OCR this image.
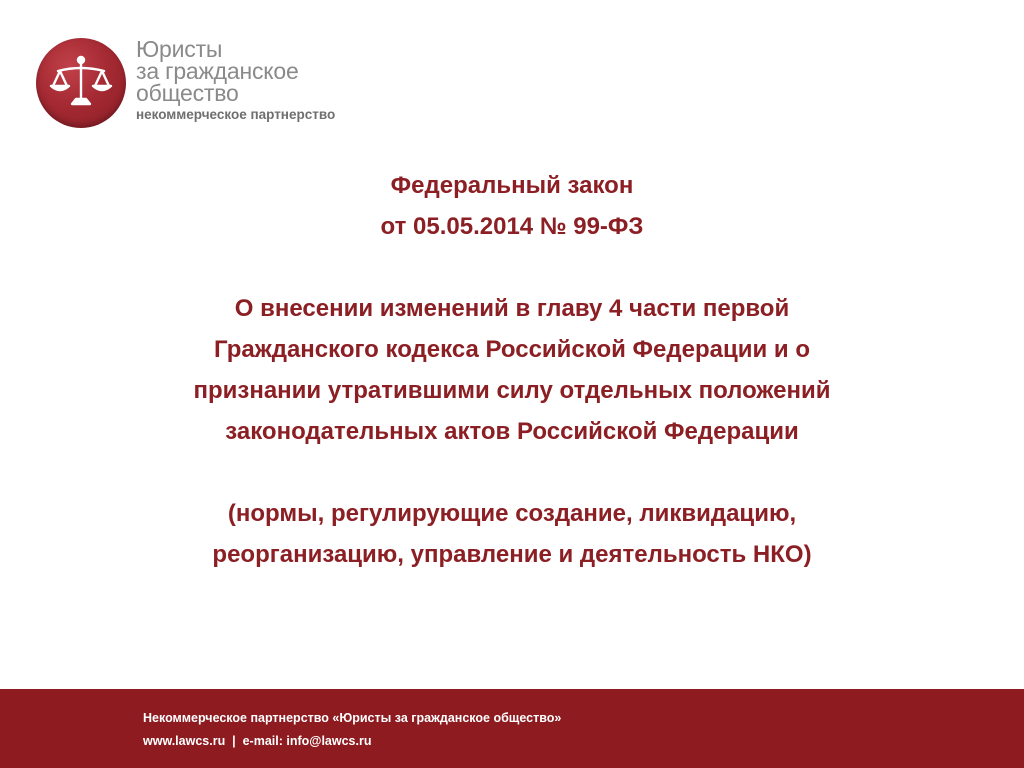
Юристы
за гражданское
общество
некоммерческое партнерство

Федеральный закон

от 05.05.2014 № 99-ФЗ

О внесении изменений в главу 4 части первой

Гражданского кодекса Российской Федерации и о

признании утратившими силу отдельных положений

законодательных актов Российской Федерации

(нормы, регулирующие создание, ликвидацию,

реорганизацию, управление и деятельность НКО)

Некоммерческое партнерство «Юристы за гражданское общество»
www.lawcs.ru  |  e-mail: info@lawcs.ru
